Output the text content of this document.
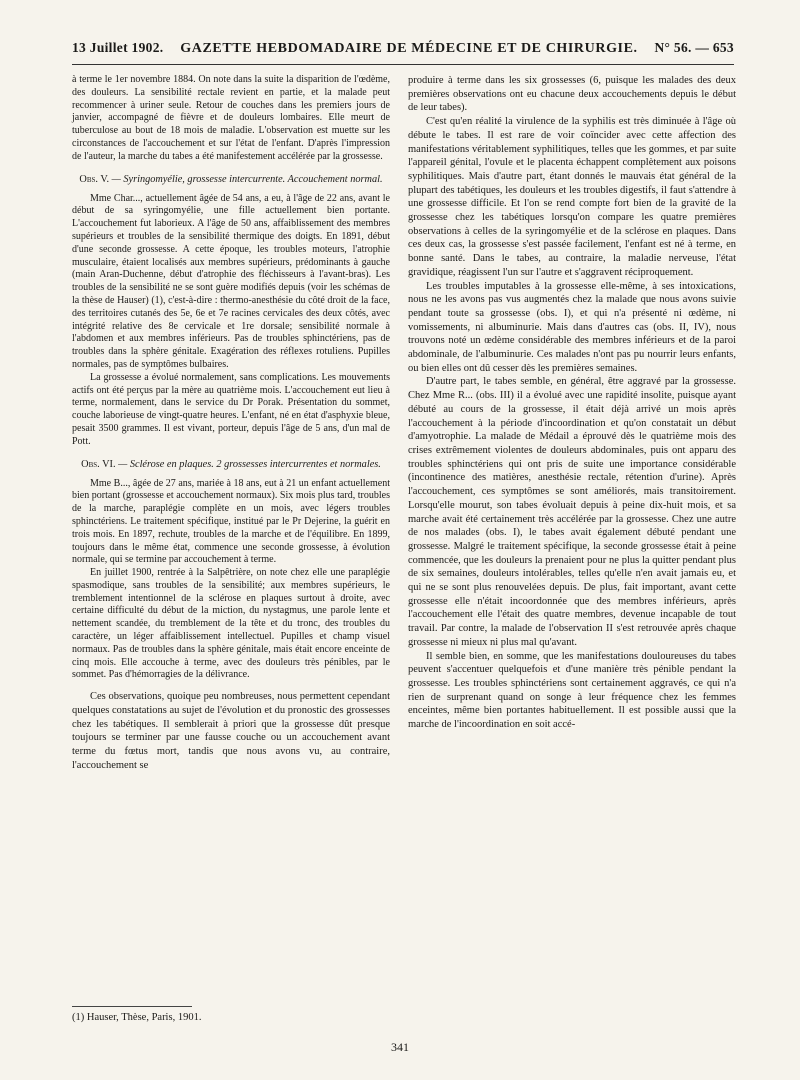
13 Juillet 1902. GAZETTE HEBDOMADAIRE DE MÉDECINE ET DE CHIRURGIE. N° 56. — 653

à terme le 1er novembre 1884. On note dans la suite la disparition de l'œdème, des douleurs. La sensibilité rectale revient en partie, et la malade peut recommencer à uriner seule. Retour de couches dans les premiers jours de janvier, accompagné de fièvre et de douleurs lombaires. Elle meurt de tuberculose au bout de 18 mois de maladie. L'observation est muette sur les circonstances de l'accouchement et sur l'état de l'enfant. D'après l'impression de l'auteur, la marche du tabes a été manifestement accélérée par la grossesse.

Obs. V. — Syringomyélie, grossesse intercurrente. Accouchement normal.

Mme Char..., actuellement âgée de 54 ans, a eu, à l'âge de 22 ans, avant le début de sa syringomyélie, une fille actuellement bien portante. L'accouchement fut laborieux. A l'âge de 50 ans, affaiblissement des membres supérieurs et troubles de la sensibilité thermique des doigts. En 1891, début d'une seconde grossesse. A cette époque, les troubles moteurs, l'atrophie musculaire, étaient localisés aux membres supérieurs, prédominants à gauche (main Aran-Duchenne, début d'atrophie des fléchisseurs à l'avant-bras). Les troubles de la sensibilité ne se sont guère modifiés depuis (voir les schémas de la thèse de Hauser) (1), c'est-à-dire : thermo-anesthésie du côté droit de la face, des territoires cutanés des 5e, 6e et 7e racines cervicales des deux côtés, avec intégrité relative des 8e cervicale et 1re dorsale; sensibilité normale à l'abdomen et aux membres inférieurs. Pas de troubles sphinctériens, pas de troubles dans la sphère génitale. Exagération des réflexes rotuliens. Pupilles normales, pas de symptômes bulbaires.

La grossesse a évolué normalement, sans complications. Les mouvements actifs ont été perçus par la mère au quatrième mois. L'accouchement eut lieu à terme, normalement, dans le service du Dr Porak. Présentation du sommet, couche laborieuse de vingt-quatre heures. L'enfant, né en état d'asphyxie bleue, pesait 3500 grammes. Il est vivant, porteur, depuis l'âge de 5 ans, d'un mal de Pott.

Obs. VI. — Sclérose en plaques. 2 grossesses intercurrentes et normales.

Mme B..., âgée de 27 ans, mariée à 18 ans, eut à 21 un enfant actuellement bien portant (grossesse et accouchement normaux). Six mois plus tard, troubles de la marche, paraplégie complète en un mois, avec légers troubles sphinctériens. Le traitement spécifique, institué par le Pr Dejerine, la guérit en trois mois. En 1897, rechute, troubles de la marche et de l'équilibre. En 1899, toujours dans le même état, commence une seconde grossesse, à évolution normale, qui se termine par accouchement à terme.

En juillet 1900, rentrée à la Salpêtrière, on note chez elle une paraplégie spasmodique, sans troubles de la sensibilité; aux membres supérieurs, le tremblement intentionnel de la sclérose en plaques surtout à droite, avec certaine difficulté du début de la miction, du nystagmus, une parole lente et nettement scandée, du tremblement de la tête et du tronc, des troubles du caractère, un léger affaiblissement intellectuel. Pupilles et champ visuel normaux. Pas de troubles dans la sphère génitale, mais était encore enceinte de cinq mois. Elle accouche à terme, avec des douleurs très pénibles, par le sommet. Pas d'hémorragies de la délivrance.

Ces observations, quoique peu nombreuses, nous permettent cependant quelques constatations au sujet de l'évolution et du pronostic des grossesses chez les tabétiques. Il semblerait à priori que la grossesse dût presque toujours se terminer par une fausse couche ou un accouchement avant terme du fœtus mort, tandis que nous avons vu, au contraire, l'accouchement se

produire à terme dans les six grossesses (6, puisque les malades des deux premières observations ont eu chacune deux accouchements depuis le début de leur tabes).

C'est qu'en réalité la virulence de la syphilis est très diminuée à l'âge où débute le tabes. Il est rare de voir coïncider avec cette affection des manifestations véritablement syphilitiques, telles que les gommes, et par suite l'appareil génital, l'ovule et le placenta échappent complètement aux poisons syphilitiques. Mais d'autre part, étant donnés le mauvais état général de la plupart des tabétiques, les douleurs et les troubles digestifs, il faut s'attendre à une grossesse difficile. Et l'on se rend compte fort bien de la gravité de la grossesse chez les tabétiques lorsqu'on compare les quatre premières observations à celles de la syringomyélie et de la sclérose en plaques. Dans ces deux cas, la grossesse s'est passée facilement, l'enfant est né à terme, en bonne santé. Dans le tabes, au contraire, la maladie nerveuse, l'état gravidique, réagissent l'un sur l'autre et s'aggravent réciproquement.

Les troubles imputables à la grossesse elle-même, à ses intoxications, nous ne les avons pas vus augmentés chez la malade que nous avons suivie pendant toute sa grossesse (obs. I), et qui n'a présenté ni œdème, ni vomissements, ni albuminurie. Mais dans d'autres cas (obs. II, IV), nous trouvons noté un œdème considérable des membres inférieurs et de la paroi abdominale, de l'albuminurie. Ces malades n'ont pas pu nourrir leurs enfants, ou bien elles ont dû cesser dès les premières semaines.

D'autre part, le tabes semble, en général, être aggravé par la grossesse. Chez Mme R... (obs. III) il a évolué avec une rapidité insolite, puisque ayant débuté au cours de la grossesse, il était déjà arrivé un mois après l'accouchement à la période d'incoordination et qu'on constatait un début d'amyotrophie. La malade de Médail a éprouvé dès le quatrième mois des crises extrêmement violentes de douleurs abdominales, puis ont apparu des troubles sphinctériens qui ont pris de suite une importance considérable (incontinence des matières, anesthésie rectale, rétention d'urine). Après l'accouchement, ces symptômes se sont améliorés, mais transitoirement. Lorsqu'elle mourut, son tabes évoluait depuis à peine dix-huit mois, et sa marche avait été certainement très accélérée par la grossesse. Chez une autre de nos malades (obs. I), le tabes avait également débuté pendant une grossesse. Malgré le traitement spécifique, la seconde grossesse était à peine commencée, que les douleurs la prenaient pour ne plus la quitter pendant plus de six semaines, douleurs intolérables, telles qu'elle n'en avait jamais eu, et qui ne se sont plus renouvelées depuis. De plus, fait important, avant cette grossesse elle n'était incoordonnée que des membres inférieurs, après l'accouchement elle l'était des quatre membres, devenue incapable de tout travail. Par contre, la malade de l'observation II s'est retrouvée après chaque grossesse ni mieux ni plus mal qu'avant.

Il semble bien, en somme, que les manifestations douloureuses du tabes peuvent s'accentuer quelquefois et d'une manière très pénible pendant la grossesse. Les troubles sphinctériens sont certainement aggravés, ce qui n'a rien de surprenant quand on songe à leur fréquence chez les femmes enceintes, même bien portantes habituellement. Il est possible aussi que la marche de l'incoordination en soit accé-

(1) Hauser, Thèse, Paris, 1901.
341
